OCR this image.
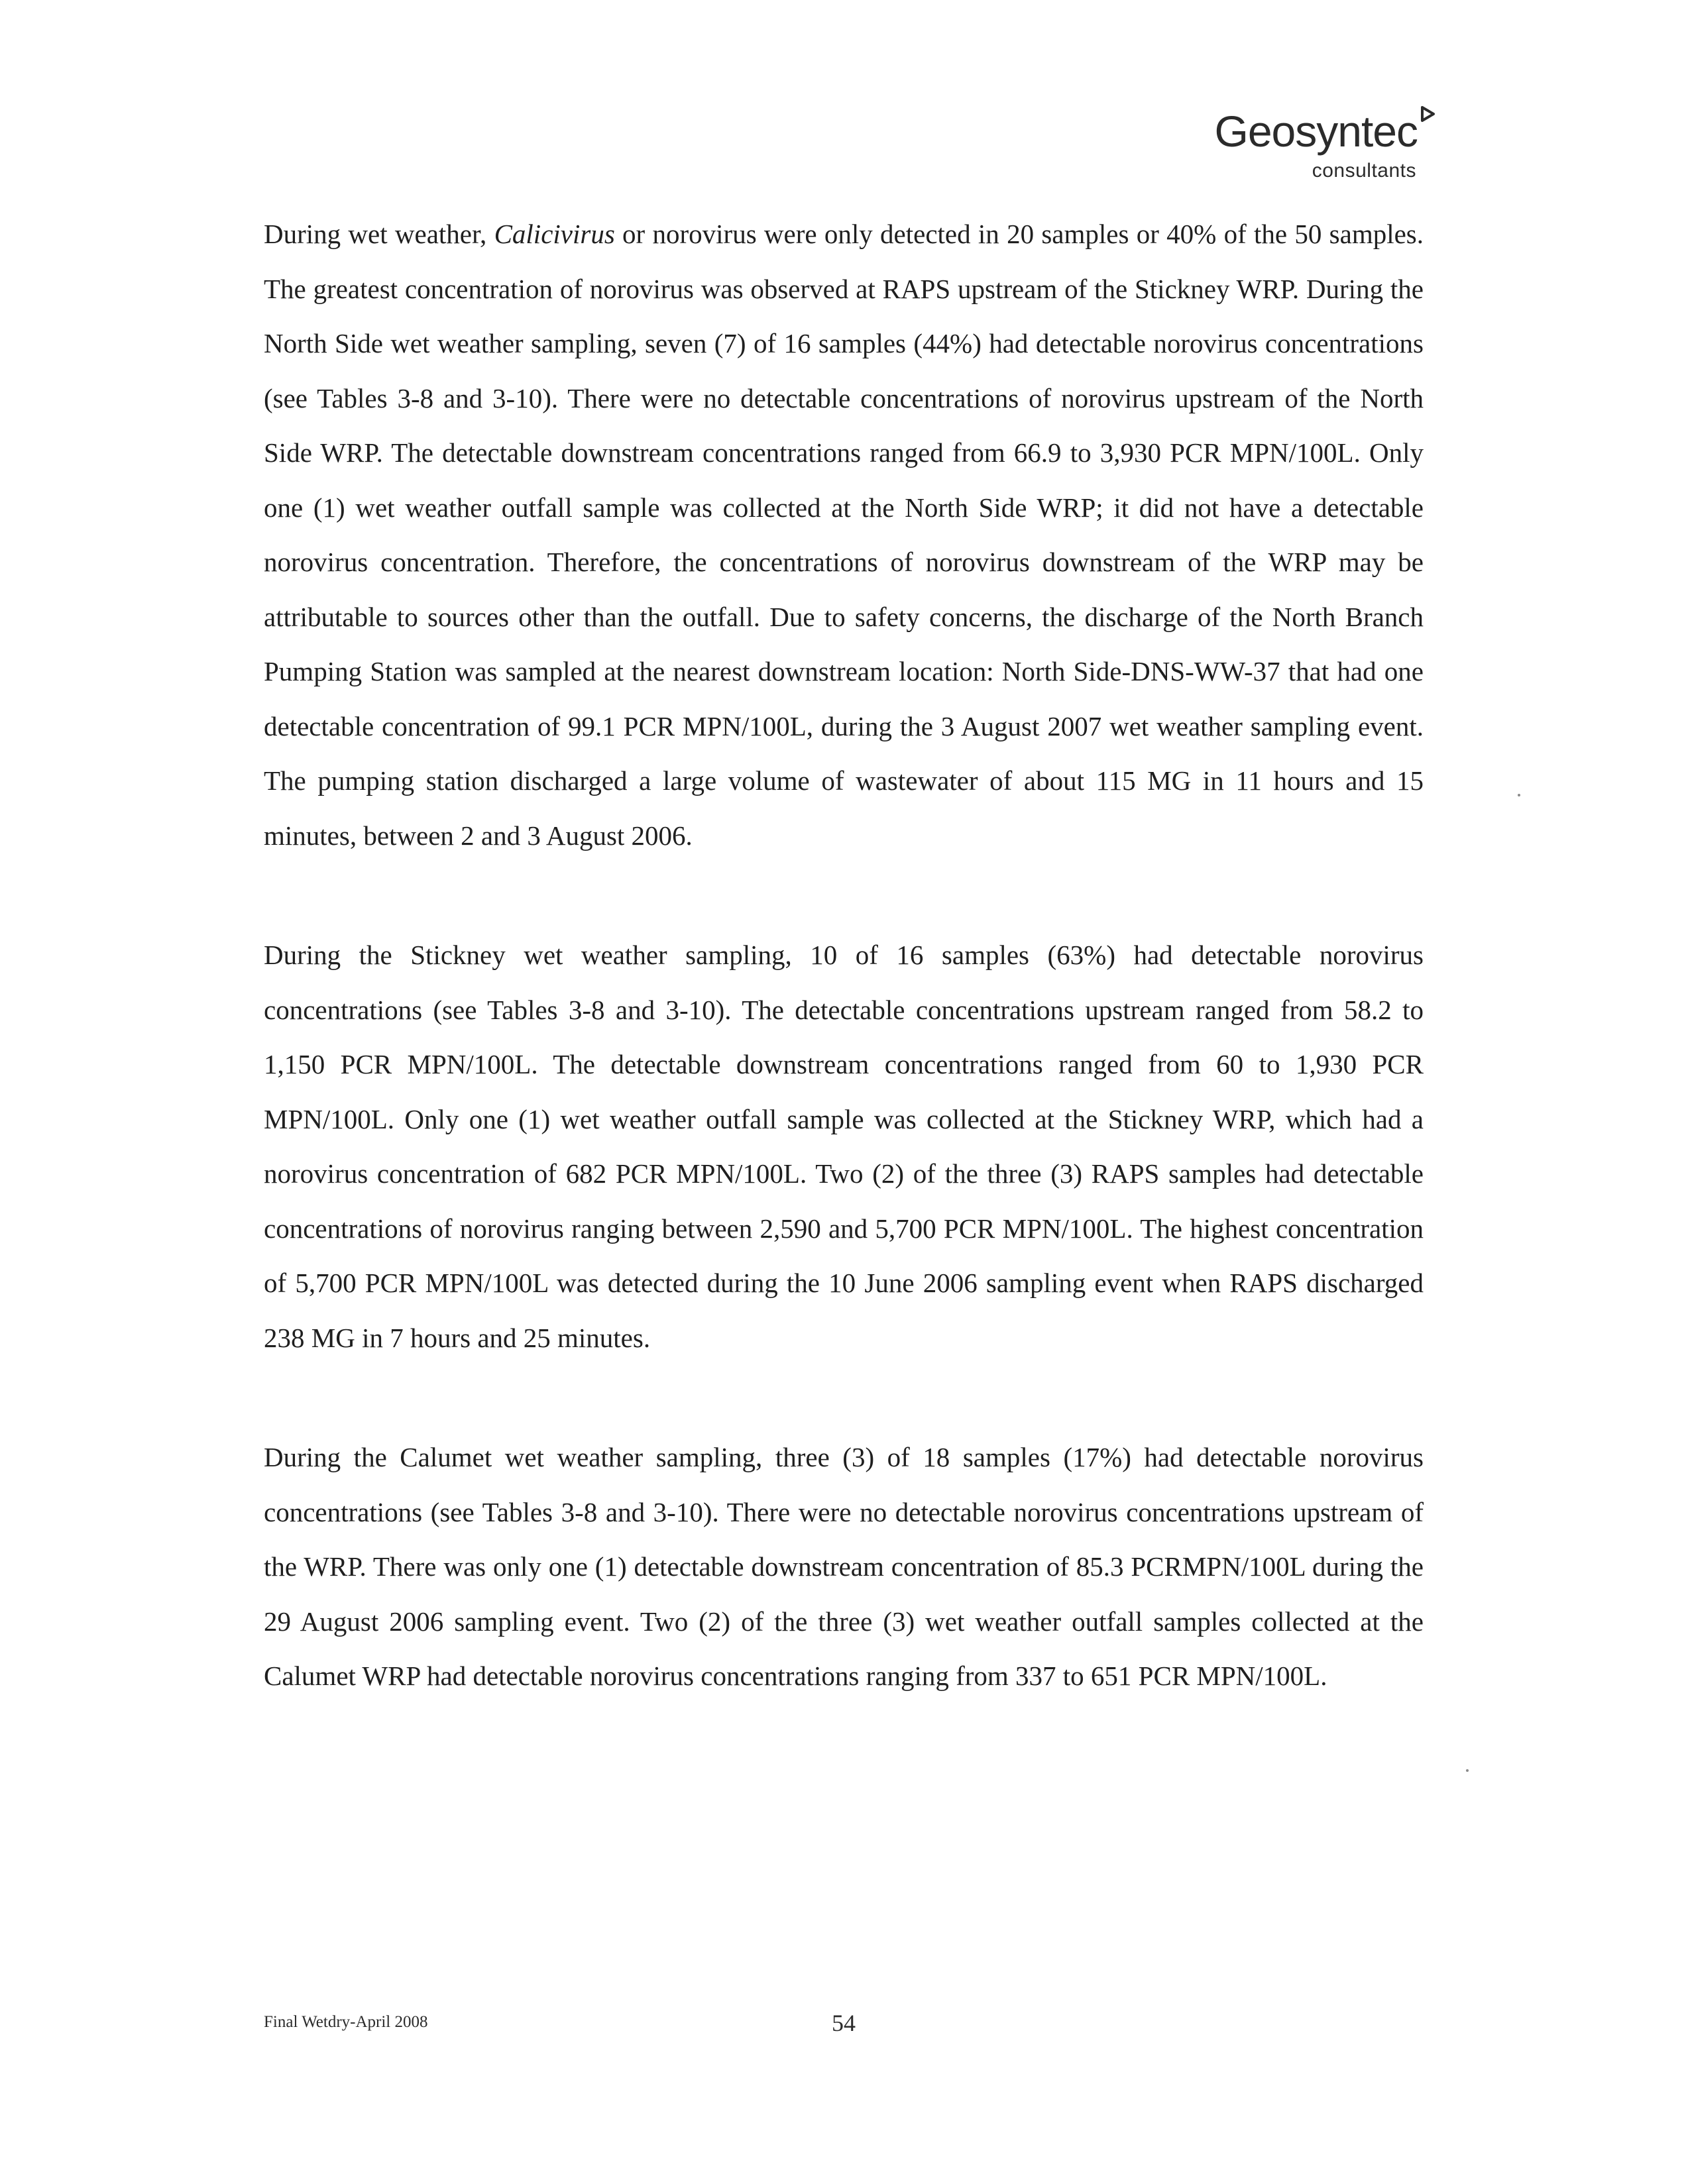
Geosyntec
consultants

During wet weather, Calicivirus or norovirus were only detected in 20 samples or 40% of the 50 samples. The greatest concentration of norovirus was observed at RAPS upstream of the Stickney WRP. During the North Side wet weather sampling, seven (7) of 16 samples (44%) had detectable norovirus concentrations (see Tables 3-8 and 3-10). There were no detectable concentrations of norovirus upstream of the North Side WRP. The detectable downstream concentrations ranged from 66.9 to 3,930 PCR MPN/100L. Only one (1) wet weather outfall sample was collected at the North Side WRP; it did not have a detectable norovirus concentration. Therefore, the concentrations of norovirus downstream of the WRP may be attributable to sources other than the outfall. Due to safety concerns, the discharge of the North Branch Pumping Station was sampled at the nearest downstream location: North Side-DNS-WW-37 that had one detectable concentration of 99.1 PCR MPN/100L, during the 3 August 2007 wet weather sampling event. The pumping station discharged a large volume of wastewater of about 115 MG in 11 hours and 15 minutes, between 2 and 3 August 2006.

During the Stickney wet weather sampling, 10 of 16 samples (63%) had detectable norovirus concentrations (see Tables 3-8 and 3-10). The detectable concentrations upstream ranged from 58.2 to 1,150 PCR MPN/100L. The detectable downstream concentrations ranged from 60 to 1,930 PCR MPN/100L. Only one (1) wet weather outfall sample was collected at the Stickney WRP, which had a norovirus concentration of 682 PCR MPN/100L. Two (2) of the three (3) RAPS samples had detectable concentrations of norovirus ranging between 2,590 and 5,700 PCR MPN/100L. The highest concentration of 5,700 PCR MPN/100L was detected during the 10 June 2006 sampling event when RAPS discharged 238 MG in 7 hours and 25 minutes.

During the Calumet wet weather sampling, three (3) of 18 samples (17%) had detectable norovirus concentrations (see Tables 3-8 and 3-10). There were no detectable norovirus concentrations upstream of the WRP. There was only one (1) detectable downstream concentration of 85.3 PCRMPN/100L during the 29 August 2006 sampling event. Two (2) of the three (3) wet weather outfall samples collected at the Calumet WRP had detectable norovirus concentrations ranging from 337 to 651 PCR MPN/100L.

Final Wetdry-April 2008	54
